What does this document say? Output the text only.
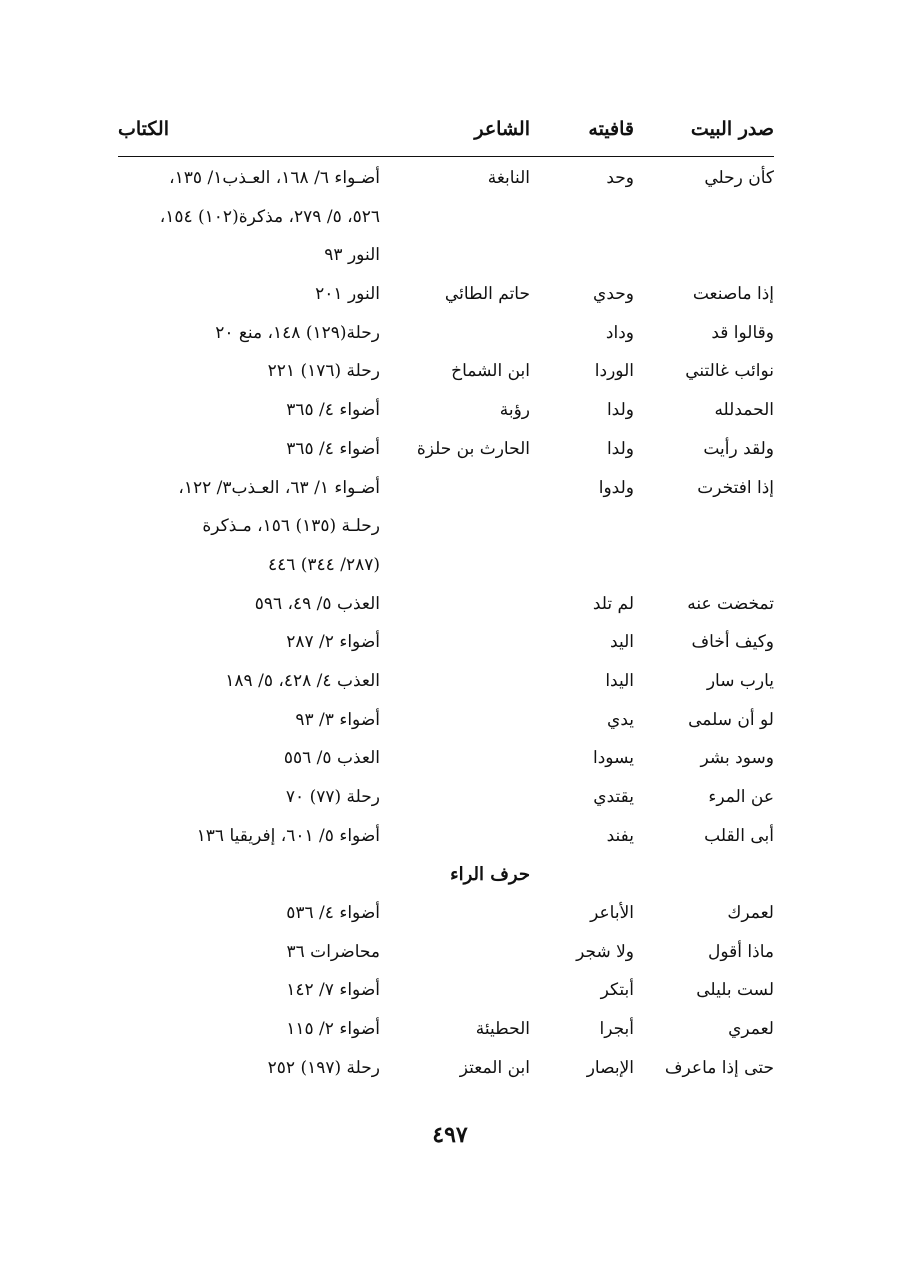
صدر البيت
قافيته
الشاعر
الكتاب
كأن رحلي
وحد
النابغة
أضـواء ٦/ ١٦٨، العـذب١/ ١٣٥،
٥٢٦، ٥/ ٢٧٩، مذكرة(١٠٢) ١٥٤،
النور ٩٣
إذا ماصنعت
وحدي
حاتم الطائي
النور ٢٠١
وقالوا قد
وداد
رحلة(١٢٩) ١٤٨، منع ٢٠
نوائب غالتني
الوردا
ابن الشماخ
رحلة (١٧٦) ٢٢١
الحمدلله
ولدا
رؤبة
أضواء ٤/ ٣٦٥
ولقد رأيت
ولدا
الحارث بن حلزة
أضواء ٤/ ٣٦٥
إذا افتخرت
ولدوا
أضـواء ١/ ٦٣، العـذب٣/ ١٢٢،
رحلـة (١٣٥) ١٥٦، مـذكرة
(٢٨٧/ ٣٤٤) ٤٤٦
تمخضت عنه
لم تلد
العذب ٥/ ٤٩، ٥٩٦
وكيف أخاف
اليد
أضواء ٢/ ٢٨٧
يارب سار
اليدا
العذب ٤/ ٤٢٨، ٥/ ١٨٩
لو أن سلمى
يدي
أضواء ٣/ ٩٣
وسود بشر
يسودا
العذب ٥/ ٥٥٦
عن المرء
يقتدي
رحلة (٧٧) ٧٠
أبى القلب
يفند
أضواء ٥/ ٦٠١، إفريقيا ١٣٦
حرف الراء
لعمرك
الأباعر
أضواء ٤/ ٥٣٦
ماذا أقول
ولا شجر
محاضرات ٣٦
لست بليلى
أبتكر
أضواء ٧/ ١٤٢
لعمري
أبجرا
الحطيئة
أضواء ٢/ ١١٥
حتى إذا ماعرف
الإبصار
ابن المعتز
رحلة (١٩٧) ٢٥٢
٤٩٧
